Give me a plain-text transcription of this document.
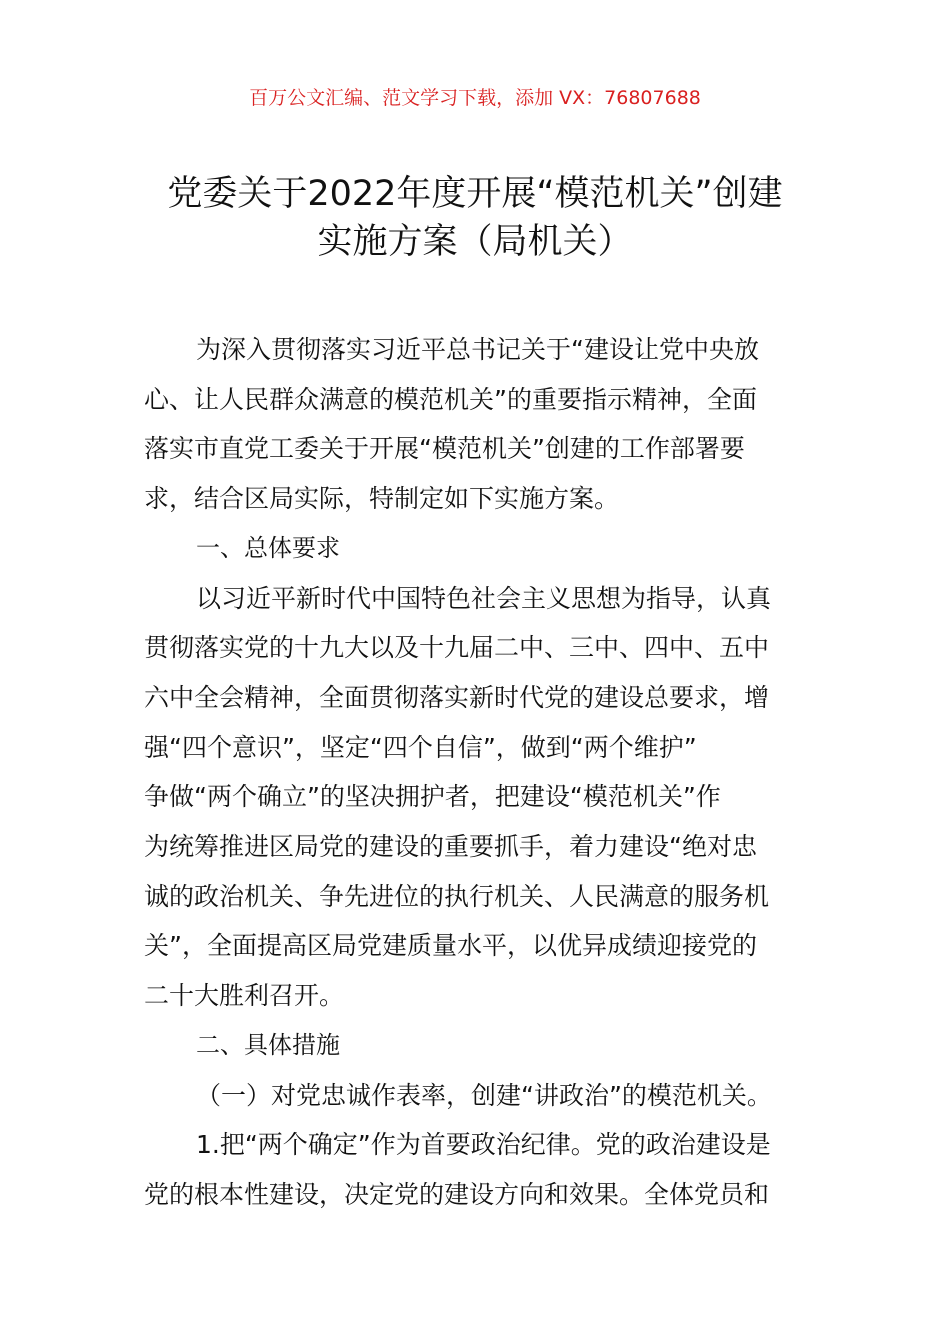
百万公文汇编、范文学习下载，添加 VX：76807688
党委关于2022年度开展“模范机关”创建
实施方案（局机关）

为深入贯彻落实习近平总书记关于“建设让党中央放
心、让人民群众满意的模范机关”的重要指示精神，全面
落实市直党工委关于开展“模范机关”创建的工作部署要
求，结合区局实际，特制定如下实施方案。

一、总体要求

以习近平新时代中国特色社会主义思想为指导，认真
贯彻落实党的十九大以及十九届二中、三中、四中、五中
六中全会精神，全面贯彻落实新时代党的建设总要求，增
强“四个意识”，坚定“四个自信”，做到“两个维护”
争做“两个确立”的坚决拥护者，把建设“模范机关”作
为统筹推进区局党的建设的重要抓手，着力建设“绝对忠
诚的政治机关、争先进位的执行机关、人民满意的服务机
关”，全面提高区局党建质量水平，以优异成绩迎接党的
二十大胜利召开。

二、具体措施

（一）对党忠诚作表率，创建“讲政治”的模范机关。

1.把“两个确定”作为首要政治纪律。党的政治建设是
党的根本性建设，决定党的建设方向和效果。全体党员和
